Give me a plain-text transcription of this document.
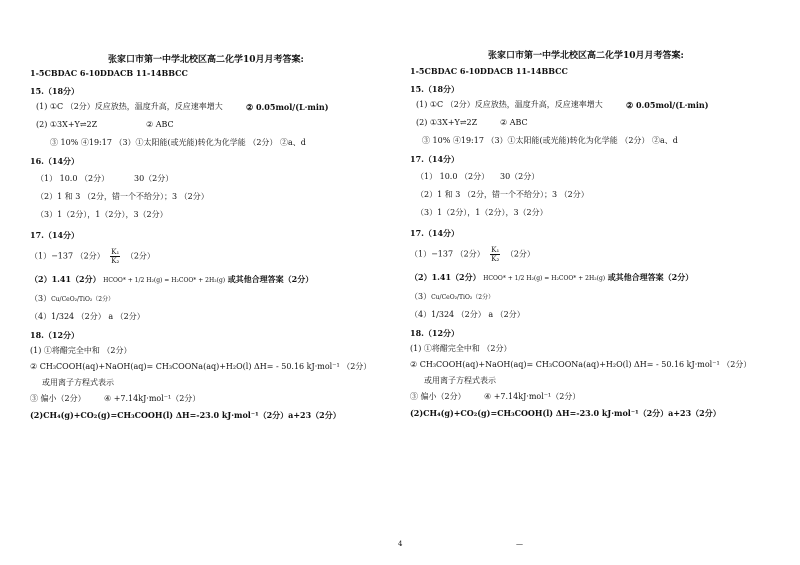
张家口市第一中学北校区高二化学10月月考答案:
1-5CBDAC 6-10DDACB 11-14BBCC
15.（18分）
(1) ①C （2分）反应放热，温度升高，反应速率增大	② 0.05mol/(L·min)
(2) ①3X+Y⇌2Z	② ABC
③ 10% ④19:17 （3）①太阳能(或光能)转化为化学能 （2分） ②a、d
16.（14分）
（1） 10.0 （2分）	30（2分）
（2）1 和 3 （2分，错一个不给分）；3 （2分）
（3）1（2分），1（2分），3（2分）
17.（14分）
（1）−137 （2分） $\frac{\text{K₁}}{\text{K₂}} (2$分）
（2）1.41（2分） HCOO* + 1/2 H₂(g) = H₂COO* + 2H₂(g) 或其他合理答案（2分）
（3）Cu/CeO₂/TiO₂（2分）
（4）1/324 （2分） a （2分）
18.（12分）
(1) ①将醋完全中和 （2分）
② CH₃COOH(aq)+NaOH(aq)= CH₃COONa(aq)+H₂O(l) ΔH= - 50.16 kJ·mol⁻¹ （2分）
或用离子方程式表示
③ 偏小（2分） ④ +7.14kJ·mol⁻¹（2分）
(2)CH₄(g)+CO₂(g)=CH₃COOH(l) ΔH=-23.0 kJ·mol⁻¹（2分）a+23（2分）
4
张家口市第一中学北校区高二化学10月月考答案:
1-5CBDAC 6-10DDACB 11-14BBCC
15.（18分）
(1) ①C （2分）反应放热，温度升高，反应速率增大	② 0.05mol/(L·min)
(2) ①3X+Y⇌2Z	② ABC
③ 10% ④19:17 （3）①太阳能(或光能)转化为化学能 （2分） ②a、d
17.（14分）
（1） 10.0 （2分） 30（2分）
（2）1 和 3 （2分，错一个不给分）；3 （2分）
（3）1（2分），1（2分），3（2分）
17.（14分）
（1）−137 （2分） $\frac{\text{K₁}}{\text{K₂}} (2$分）
（2）1.41（2分） HCOO* + 1/2 H₂(g) = H₂COO* + 2H₂(g) 或其他合理答案（2分）
（3）Cu/CeO₂/TiO₂（2分）
（4）1/324 （2分） a （2分）
18.（12分）
(1) ①将醋完全中和 （2分）
② CH₃COOH(aq)+NaOH(aq)= CH₃COONa(aq)+H₂O(l) ΔH= - 50.16 kJ·mol⁻¹ （2分）
或用离子方程式表示
③ 偏小（2分） ④ +7.14kJ·mol⁻¹（2分）
(2)CH₄(g)+CO₂(g)=CH₃COOH(l) ΔH=-23.0 kJ·mol⁻¹（2分）a+23（2分）
—
